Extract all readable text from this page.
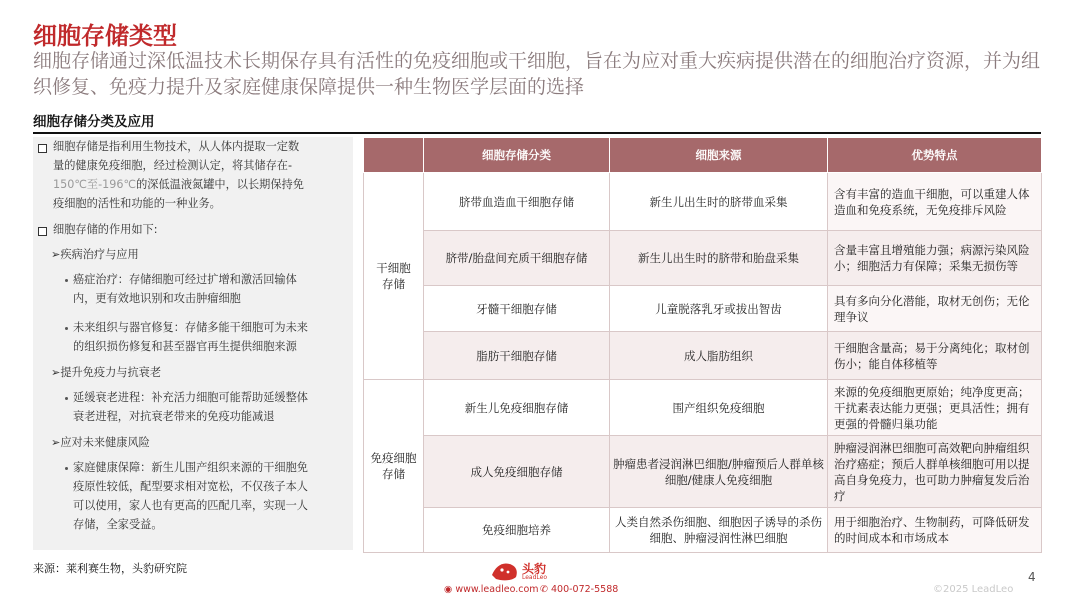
细胞存储类型
细胞存储通过深低温技术长期保存具有活性的免疫细胞或干细胞，旨在为应对重大疾病提供潜在的细胞治疗资源，并为组织修复、免疫力提升及家庭健康保障提供一种生物医学层面的选择
细胞存储分类及应用
细胞存储是指利用生物技术，从人体内提取一定数
量的健康免疫细胞，经过检测认定，将其储存在-
150℃至-196℃的深低温液氮罐中，以长期保持免
疫细胞的活性和功能的一种业务。
细胞存储的作用如下:
➢疾病治疗与应用
癌症治疗：存储细胞可经过扩增和激活回输体
内，更有效地识别和攻击肿瘤细胞
未来组织与器官修复：存储多能干细胞可为未来
的组织损伤修复和甚至器官再生提供细胞来源
➢提升免疫力与抗衰老
延缓衰老进程：补充活力细胞可能帮助延缓整体
衰老进程，对抗衰老带来的免疫功能减退
➢应对未来健康风险
家庭健康保障：新生儿围产组织来源的干细胞免
疫原性较低，配型要求相对宽松，不仅孩子本人
可以使用，家人也有更高的匹配几率，实现一人
存储，全家受益。
	细胞存储分类	细胞来源	优势特点

干细胞存储	脐带血造血干细胞存储	新生儿出生时的脐带血采集	含有丰富的造血干细胞，可以重建人体造血和免疫系统，无免疫排斥风险
	脐带/胎盘间充质干细胞存储	新生儿出生时的脐带和胎盘采集	含量丰富且增殖能力强；病源污染风险小；细胞活力有保障；采集无损伤等
	牙髓干细胞存储	儿童脱落乳牙或拔出智齿	具有多向分化潜能，取材无创伤；无伦理争议
	脂肪干细胞存储	成人脂肪组织	干细胞含量高；易于分离纯化；取材创伤小；能自体移植等

免疫细胞存储	新生儿免疫细胞存储	围产组织免疫细胞	来源的免疫细胞更原始；纯净度更高；干扰素表达能力更强；更具活性；拥有更强的骨髓归巢功能
	成人免疫细胞存储	肿瘤患者浸润淋巴细胞/肿瘤预后人群单核细胞/健康人免疫细胞	肿瘤浸润淋巴细胞可高效靶向肿瘤组织治疗癌症；预后人群单核细胞可用以提高自身免疫力，也可助力肿瘤复发后治疗
	免疫细胞培养	人类自然杀伤细胞、细胞因子诱导的杀伤细胞、肿瘤浸润性淋巴细胞	用于细胞治疗、生物制药，可降低研发的时间成本和市场成本
来源：莱利赛生物，头豹研究院	头豹
LeadLeo
◉ www.leadleo.com ✆ 400-072-5588
4
©2025 LeadLeo
